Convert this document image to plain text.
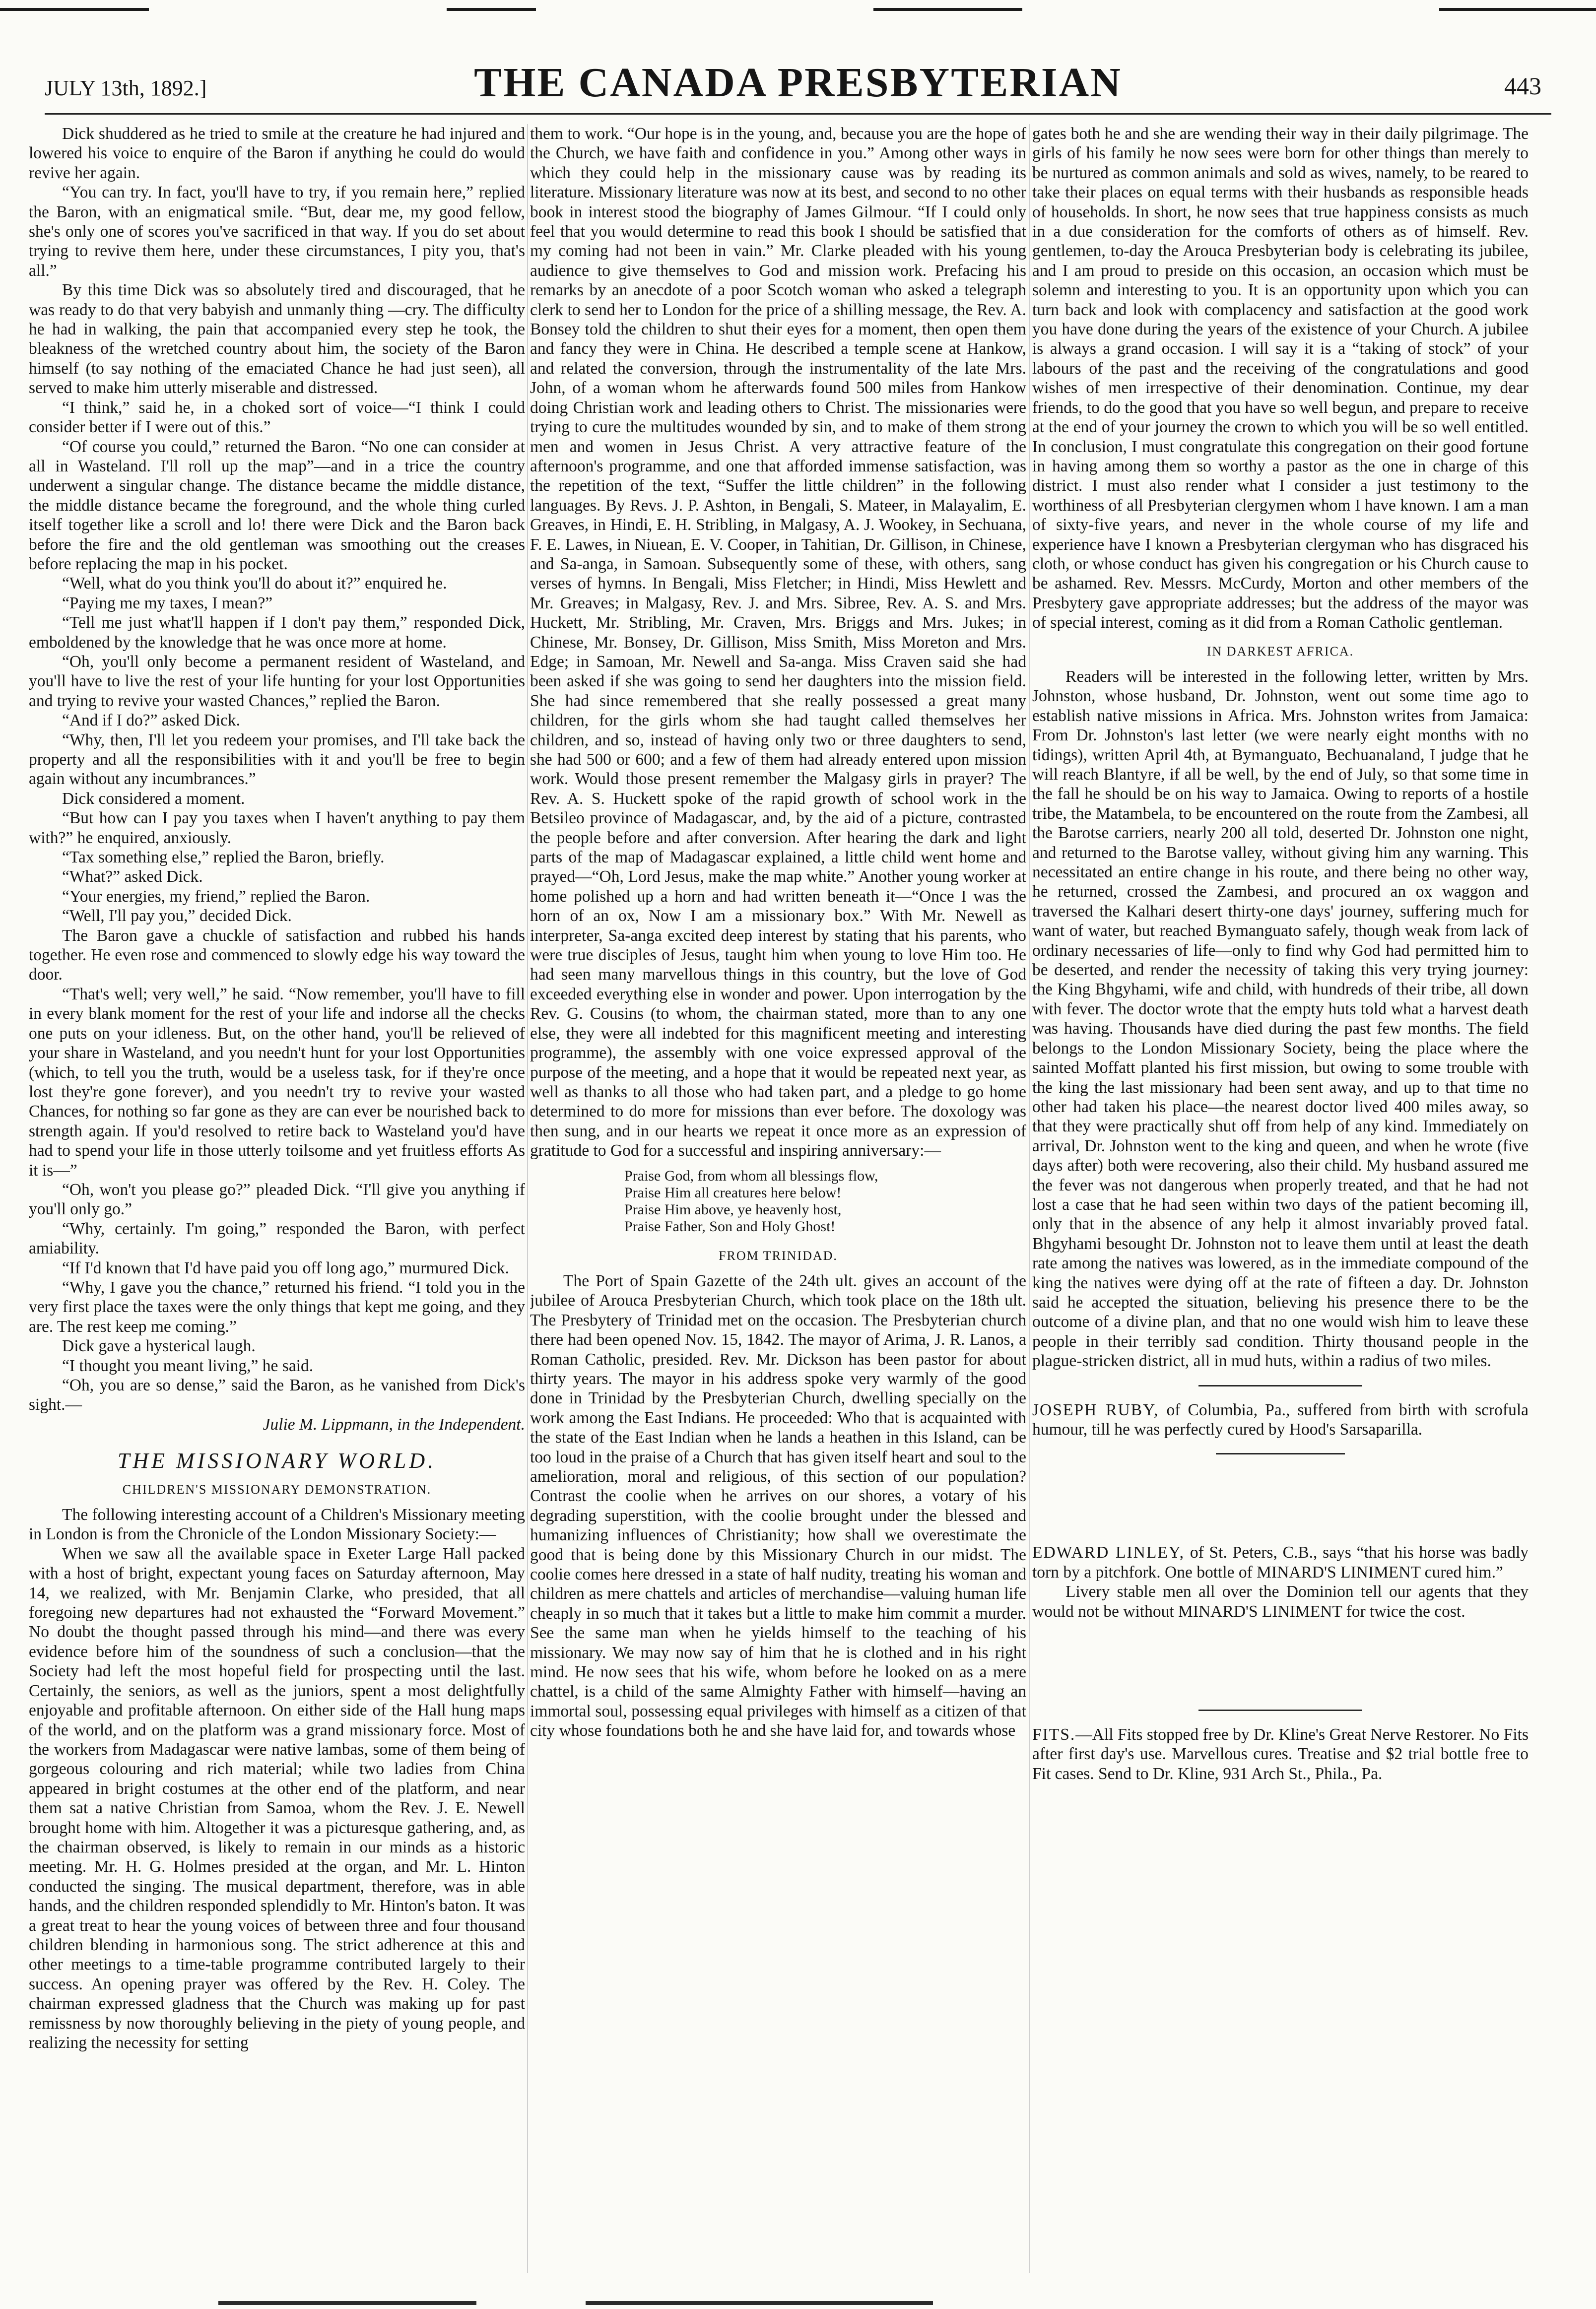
JULY 13th, 1892.]	THE CANADA PRESBYTERIAN	443

Dick shuddered as he tried to smile at the creature he had injured and lowered his voice to enquire of the Baron if anything he could do would revive her again.

“You can try. In fact, you'll have to try, if you remain here,” replied the Baron, with an enigmatical smile. “But, dear me, my good fellow, she's only one of scores you've sacrificed in that way. If you do set about trying to revive them here, under these circumstances, I pity you, that's all.”

By this time Dick was so absolutely tired and discouraged, that he was ready to do that very babyish and unmanly thing —cry. The difficulty he had in walking, the pain that accompanied every step he took, the bleakness of the wretched country about him, the society of the Baron himself (to say nothing of the emaciated Chance he had just seen), all served to make him utterly miserable and distressed.

“I think,” said he, in a choked sort of voice—“I think I could consider better if I were out of this.”

“Of course you could,” returned the Baron. “No one can consider at all in Wasteland. I'll roll up the map”—and in a trice the country underwent a singular change. The distance became the middle distance, the middle distance became the foreground, and the whole thing curled itself together like a scroll and lo! there were Dick and the Baron back before the fire and the old gentleman was smoothing out the creases before replacing the map in his pocket.

“Well, what do you think you'll do about it?” enquired he.

“Paying me my taxes, I mean?”

“Tell me just what'll happen if I don't pay them,” responded Dick, emboldened by the knowledge that he was once more at home.

“Oh, you'll only become a permanent resident of Wasteland, and you'll have to live the rest of your life hunting for your lost Opportunities and trying to revive your wasted Chances,” replied the Baron.

“And if I do?” asked Dick.

“Why, then, I'll let you redeem your promises, and I'll take back the property and all the responsibilities with it and you'll be free to begin again without any incumbrances.”

Dick considered a moment.

“But how can I pay you taxes when I haven't anything to pay them with?” he enquired, anxiously.

“Tax something else,” replied the Baron, briefly.

“What?” asked Dick.

“Your energies, my friend,” replied the Baron.

“Well, I'll pay you,” decided Dick.

The Baron gave a chuckle of satisfaction and rubbed his hands together. He even rose and commenced to slowly edge his way toward the door.

“That's well; very well,” he said. “Now remember, you'll have to fill in every blank moment for the rest of your life and indorse all the checks one puts on your idleness. But, on the other hand, you'll be relieved of your share in Wasteland, and you needn't hunt for your lost Opportunities (which, to tell you the truth, would be a useless task, for if they're once lost they're gone forever), and you needn't try to revive your wasted Chances, for nothing so far gone as they are can ever be nourished back to strength again. If you'd resolved to retire back to Wasteland you'd have had to spend your life in those utterly toilsome and yet fruitless efforts As it is—”

“Oh, won't you please go?” pleaded Dick. “I'll give you anything if you'll only go.”

“Why, certainly. I'm going,” responded the Baron, with perfect amiability.

“If I'd known that I'd have paid you off long ago,” murmured Dick.

“Why, I gave you the chance,” returned his friend. “I told you in the very first place the taxes were the only things that kept me going, and they are. The rest keep me coming.”

Dick gave a hysterical laugh.

“I thought you meant living,” he said.

“Oh, you are so dense,” said the Baron, as he vanished from Dick's sight.—

Julie M. Lippmann, in the Independent.

THE MISSIONARY WORLD.
CHILDREN'S MISSIONARY DEMONSTRATION.

The following interesting account of a Children's Missionary meeting in London is from the Chronicle of the London Missionary Society:—

When we saw all the available space in Exeter Large Hall packed with a host of bright, expectant young faces on Saturday afternoon, May 14, we realized, with Mr. Benjamin Clarke, who presided, that all foregoing new departures had not exhausted the “Forward Movement.” No doubt the thought passed through his mind—and there was every evidence before him of the soundness of such a conclusion—that the Society had left the most hopeful field for prospecting until the last. Certainly, the seniors, as well as the juniors, spent a most delightfully enjoyable and profitable afternoon. On either side of the Hall hung maps of the world, and on the platform was a grand missionary force. Most of the workers from Madagascar were native lambas, some of them being of gorgeous colouring and rich material; while two ladies from China appeared in bright costumes at the other end of the platform, and near them sat a native Christian from Samoa, whom the Rev. J. E. Newell brought home with him. Altogether it was a picturesque gathering, and, as the chairman observed, is likely to remain in our minds as a historic meeting. Mr. H. G. Holmes presided at the organ, and Mr. L. Hinton conducted the singing. The musical department, therefore, was in able hands, and the children responded splendidly to Mr. Hinton's baton. It was a great treat to hear the young voices of between three and four thousand children blending in harmonious song. The strict adherence at this and other meetings to a time-table programme contributed largely to their success. An opening prayer was offered by the Rev. H. Coley. The chairman expressed gladness that the Church was making up for past remissness by now thoroughly believing in the piety of young people, and realizing the necessity for setting

them to work. “Our hope is in the young, and, because you are the hope of the Church, we have faith and confidence in you.” Among other ways in which they could help in the missionary cause was by reading its literature. Missionary literature was now at its best, and second to no other book in interest stood the biography of James Gilmour. “If I could only feel that you would determine to read this book I should be satisfied that my coming had not been in vain.” Mr. Clarke pleaded with his young audience to give themselves to God and mission work. Prefacing his remarks by an anecdote of a poor Scotch woman who asked a telegraph clerk to send her to London for the price of a shilling message, the Rev. A. Bonsey told the children to shut their eyes for a moment, then open them and fancy they were in China. He described a temple scene at Hankow, and related the conversion, through the instrumentality of the late Mrs. John, of a woman whom he afterwards found 500 miles from Hankow doing Christian work and leading others to Christ. The missionaries were trying to cure the multitudes wounded by sin, and to make of them strong men and women in Jesus Christ. A very attractive feature of the afternoon's programme, and one that afforded immense satisfaction, was the repetition of the text, “Suffer the little children” in the following languages. By Revs. J. P. Ashton, in Bengali, S. Mateer, in Malayalim, E. Greaves, in Hindi, E. H. Stribling, in Malgasy, A. J. Wookey, in Sechuana, F. E. Lawes, in Niuean, E. V. Cooper, in Tahitian, Dr. Gillison, in Chinese, and Sa-anga, in Samoan. Subsequently some of these, with others, sang verses of hymns. In Bengali, Miss Fletcher; in Hindi, Miss Hewlett and Mr. Greaves; in Malgasy, Rev. J. and Mrs. Sibree, Rev. A. S. and Mrs. Huckett, Mr. Stribling, Mr. Craven, Mrs. Briggs and Mrs. Jukes; in Chinese, Mr. Bonsey, Dr. Gillison, Miss Smith, Miss Moreton and Mrs. Edge; in Samoan, Mr. Newell and Sa-anga. Miss Craven said she had been asked if she was going to send her daughters into the mission field. She had since remembered that she really possessed a great many children, for the girls whom she had taught called themselves her children, and so, instead of having only two or three daughters to send, she had 500 or 600; and a few of them had already entered upon mission work. Would those present remember the Malgasy girls in prayer? The Rev. A. S. Huckett spoke of the rapid growth of school work in the Betsileo province of Madagascar, and, by the aid of a picture, contrasted the people before and after conversion. After hearing the dark and light parts of the map of Madagascar explained, a little child went home and prayed—“Oh, Lord Jesus, make the map white.” Another young worker at home polished up a horn and had written beneath it—“Once I was the horn of an ox, Now I am a missionary box.” With Mr. Newell as interpreter, Sa-anga excited deep interest by stating that his parents, who were true disciples of Jesus, taught him when young to love Him too. He had seen many marvellous things in this country, but the love of God exceeded everything else in wonder and power. Upon interrogation by the Rev. G. Cousins (to whom, the chairman stated, more than to any one else, they were all indebted for this magnificent meeting and interesting programme), the assembly with one voice expressed approval of the purpose of the meeting, and a hope that it would be repeated next year, as well as thanks to all those who had taken part, and a pledge to go home determined to do more for missions than ever before. The doxology was then sung, and in our hearts we repeat it once more as an expression of gratitude to God for a successful and inspiring anniversary:—

Praise God, from whom all blessings flow,
Praise Him all creatures here below!
Praise Him above, ye heavenly host,
Praise Father, Son and Holy Ghost!
FROM TRINIDAD.

The Port of Spain Gazette of the 24th ult. gives an account of the jubilee of Arouca Presbyterian Church, which took place on the 18th ult. The Presbytery of Trinidad met on the occasion. The Presbyterian church there had been opened Nov. 15, 1842. The mayor of Arima, J. R. Lanos, a Roman Catholic, presided. Rev. Mr. Dickson has been pastor for about thirty years. The mayor in his address spoke very warmly of the good done in Trinidad by the Presbyterian Church, dwelling specially on the work among the East Indians. He proceeded: Who that is acquainted with the state of the East Indian when he lands a heathen in this Island, can be too loud in the praise of a Church that has given itself heart and soul to the amelioration, moral and religious, of this section of our population? Contrast the coolie when he arrives on our shores, a votary of his degrading superstition, with the coolie brought under the blessed and humanizing influences of Christianity; how shall we overestimate the good that is being done by this Missionary Church in our midst. The coolie comes here dressed in a state of half nudity, treating his woman and children as mere chattels and articles of merchandise—valuing human life cheaply in so much that it takes but a little to make him commit a murder. See the same man when he yields himself to the teaching of his missionary. We may now say of him that he is clothed and in his right mind. He now sees that his wife, whom before he looked on as a mere chattel, is a child of the same Almighty Father with himself—having an immortal soul, possessing equal privileges with himself as a citizen of that city whose foundations both he and she have laid for, and towards whose

gates both he and she are wending their way in their daily pilgrimage. The girls of his family he now sees were born for other things than merely to be nurtured as common animals and sold as wives, namely, to be reared to take their places on equal terms with their husbands as responsible heads of households. In short, he now sees that true happiness consists as much in a due consideration for the comforts of others as of himself. Rev. gentlemen, to-day the Arouca Presbyterian body is celebrating its jubilee, and I am proud to preside on this occasion, an occasion which must be solemn and interesting to you. It is an opportunity upon which you can turn back and look with complacency and satisfaction at the good work you have done during the years of the existence of your Church. A jubilee is always a grand occasion. I will say it is a “taking of stock” of your labours of the past and the receiving of the congratulations and good wishes of men irrespective of their denomination. Continue, my dear friends, to do the good that you have so well begun, and prepare to receive at the end of your journey the crown to which you will be so well entitled. In conclusion, I must congratulate this congregation on their good fortune in having among them so worthy a pastor as the one in charge of this district. I must also render what I consider a just testimony to the worthiness of all Presbyterian clergymen whom I have known. I am a man of sixty-five years, and never in the whole course of my life and experience have I known a Presbyterian clergyman who has disgraced his cloth, or whose conduct has given his congregation or his Church cause to be ashamed. Rev. Messrs. McCurdy, Morton and other members of the Presbytery gave appropriate addresses; but the address of the mayor was of special interest, coming as it did from a Roman Catholic gentleman.

IN DARKEST AFRICA.

Readers will be interested in the following letter, written by Mrs. Johnston, whose husband, Dr. Johnston, went out some time ago to establish native missions in Africa. Mrs. Johnston writes from Jamaica: From Dr. Johnston's last letter (we were nearly eight months with no tidings), written April 4th, at Bymanguato, Bechuanaland, I judge that he will reach Blantyre, if all be well, by the end of July, so that some time in the fall he should be on his way to Jamaica. Owing to reports of a hostile tribe, the Matambela, to be encountered on the route from the Zambesi, all the Barotse carriers, nearly 200 all told, deserted Dr. Johnston one night, and returned to the Barotse valley, without giving him any warning. This necessitated an entire change in his route, and there being no other way, he returned, crossed the Zambesi, and procured an ox waggon and traversed the Kalhari desert thirty-one days' journey, suffering much for want of water, but reached Bymanguato safely, though weak from lack of ordinary necessaries of life—only to find why God had permitted him to be deserted, and render the necessity of taking this very trying journey: the King Bhgyhami, wife and child, with hundreds of their tribe, all down with fever. The doctor wrote that the empty huts told what a harvest death was having. Thousands have died during the past few months. The field belongs to the London Missionary Society, being the place where the sainted Moffatt planted his first mission, but owing to some trouble with the king the last missionary had been sent away, and up to that time no other had taken his place—the nearest doctor lived 400 miles away, so that they were practically shut off from help of any kind. Immediately on arrival, Dr. Johnston went to the king and queen, and when he wrote (five days after) both were recovering, also their child. My husband assured me the fever was not dangerous when properly treated, and that he had not lost a case that he had seen within two days of the patient becoming ill, only that in the absence of any help it almost invariably proved fatal. Bhgyhami besought Dr. Johnston not to leave them until at least the death rate among the natives was lowered, as in the immediate compound of the king the natives were dying off at the rate of fifteen a day. Dr. Johnston said he accepted the situation, believing his presence there to be the outcome of a divine plan, and that no one would wish him to leave these people in their terribly sad condition. Thirty thousand people in the plague-stricken district, all in mud huts, within a radius of two miles.

JOSEPH RUBY, of Columbia, Pa., suffered from birth with scrofula humour, till he was perfectly cured by Hood's Sarsaparilla.

EDWARD LINLEY, of St. Peters, C.B., says “that his horse was badly torn by a pitchfork. One bottle of MINARD'S LINIMENT cured him.”

Livery stable men all over the Dominion tell our agents that they would not be without MINARD'S LINIMENT for twice the cost.

FITS.—All Fits stopped free by Dr. Kline's Great Nerve Restorer. No Fits after first day's use. Marvellous cures. Treatise and $2 trial bottle free to Fit cases. Send to Dr. Kline, 931 Arch St., Phila., Pa.
